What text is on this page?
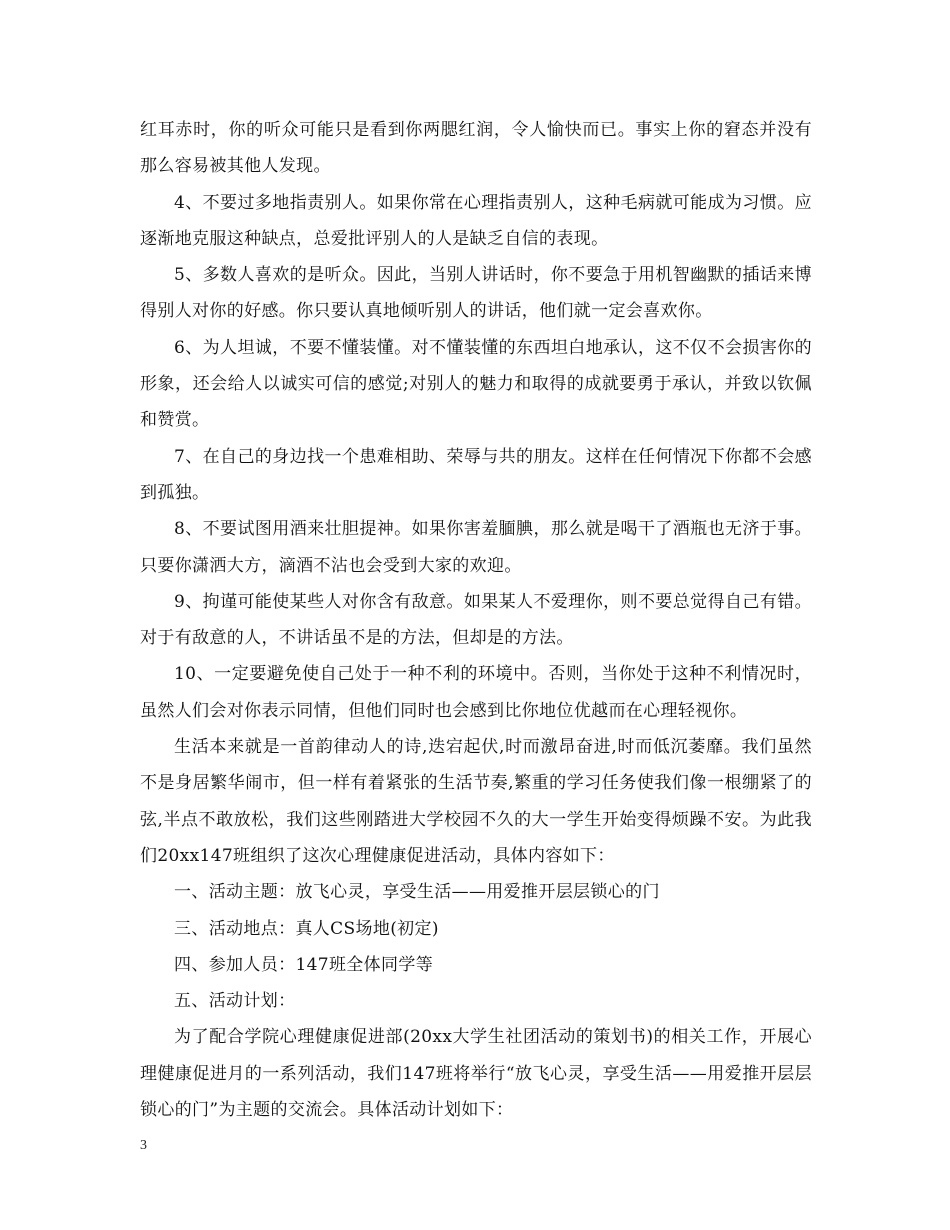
红耳赤时，你的听众可能只是看到你两腮红润，令人愉快而已。事实上你的窘态并没有那么容易被其他人发现。

4、不要过多地指责别人。如果你常在心理指责别人，这种毛病就可能成为习惯。应逐渐地克服这种缺点，总爱批评别人的人是缺乏自信的表现。

5、多数人喜欢的是听众。因此，当别人讲话时，你不要急于用机智幽默的插话来博得别人对你的好感。你只要认真地倾听别人的讲话，他们就一定会喜欢你。

6、为人坦诚，不要不懂装懂。对不懂装懂的东西坦白地承认，这不仅不会损害你的形象，还会给人以诚实可信的感觉;对别人的魅力和取得的成就要勇于承认，并致以钦佩和赞赏。

7、在自己的身边找一个患难相助、荣辱与共的朋友。这样在任何情况下你都不会感到孤独。

8、不要试图用酒来壮胆提神。如果你害羞腼腆，那么就是喝干了酒瓶也无济于事。只要你潇洒大方，滴酒不沾也会受到大家的欢迎。

9、拘谨可能使某些人对你含有敌意。如果某人不爱理你，则不要总觉得自己有错。对于有敌意的人，不讲话虽不是的方法，但却是的方法。

10、一定要避免使自己处于一种不利的环境中。否则，当你处于这种不利情况时，虽然人们会对你表示同情，但他们同时也会感到比你地位优越而在心理轻视你。

生活本来就是一首韵律动人的诗,迭宕起伏,时而激昂奋进,时而低沉萎靡。我们虽然不是身居繁华闹市，但一样有着紧张的生活节奏,繁重的学习任务使我们像一根绷紧了的弦,半点不敢放松，我们这些刚踏进大学校园不久的大一学生开始变得烦躁不安。为此我们20xx147班组织了这次心理健康促进活动，具体内容如下：

一、活动主题：放飞心灵，享受生活——用爱推开层层锁心的门

三、活动地点：真人CS场地(初定)

四、参加人员：147班全体同学等

五、活动计划：

为了配合学院心理健康促进部(20xx大学生社团活动的策划书)的相关工作，开展心理健康促进月的一系列活动，我们147班将举行“放飞心灵，享受生活——用爱推开层层锁心的门”为主题的交流会。具体活动计划如下：

3
